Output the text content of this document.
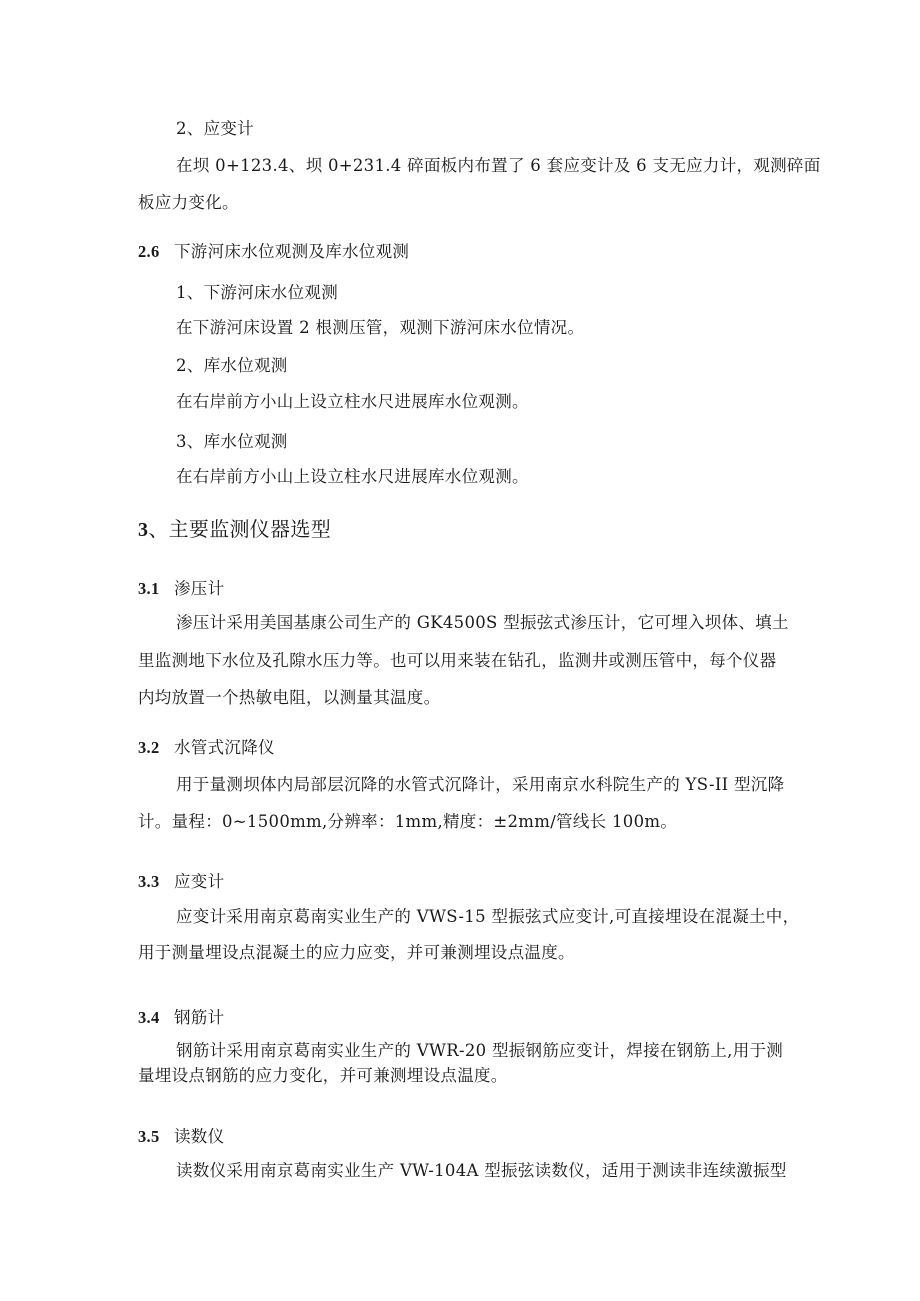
2、应变计
在坝 0+123.4、坝 0+231.4 碎面板内布置了 6 套应变计及 6 支无应力计，观测碎面
板应力变化。
2.6 下游河床水位观测及库水位观测
1、下游河床水位观测
在下游河床设置 2 根测压管，观测下游河床水位情况。
2、库水位观测
在右岸前方小山上设立柱水尺进展库水位观测。
3、库水位观测
在右岸前方小山上设立柱水尺进展库水位观测。
3、主要监测仪器选型
3.1 渗压计
渗压计采用美国基康公司生产的 GK4500S 型振弦式渗压计，它可埋入坝体、填土
里监测地下水位及孔隙水压力等。也可以用来装在钻孔，监测井或测压管中，每个仪器
内均放置一个热敏电阻，以测量其温度。
3.2 水管式沉降仪
用于量测坝体内局部层沉降的水管式沉降计，采用南京水科院生产的 YS-II 型沉降
计。量程：0~1500mm,分辨率：1mm,精度：±2mm∕管线长 100m。
3.3 应变计
应变计采用南京葛南实业生产的 VWS-15 型振弦式应变计,可直接埋设在混凝土中，
用于测量埋设点混凝土的应力应变，并可兼测埋设点温度。
3.4 钢筋计
钢筋计采用南京葛南实业生产的 VWR-20 型振钢筋应变计，焊接在钢筋上,用于测
量埋设点钢筋的应力变化，并可兼测埋设点温度。
3.5 读数仪
读数仪采用南京葛南实业生产 VW-104A 型振弦读数仪，适用于测读非连续激振型
